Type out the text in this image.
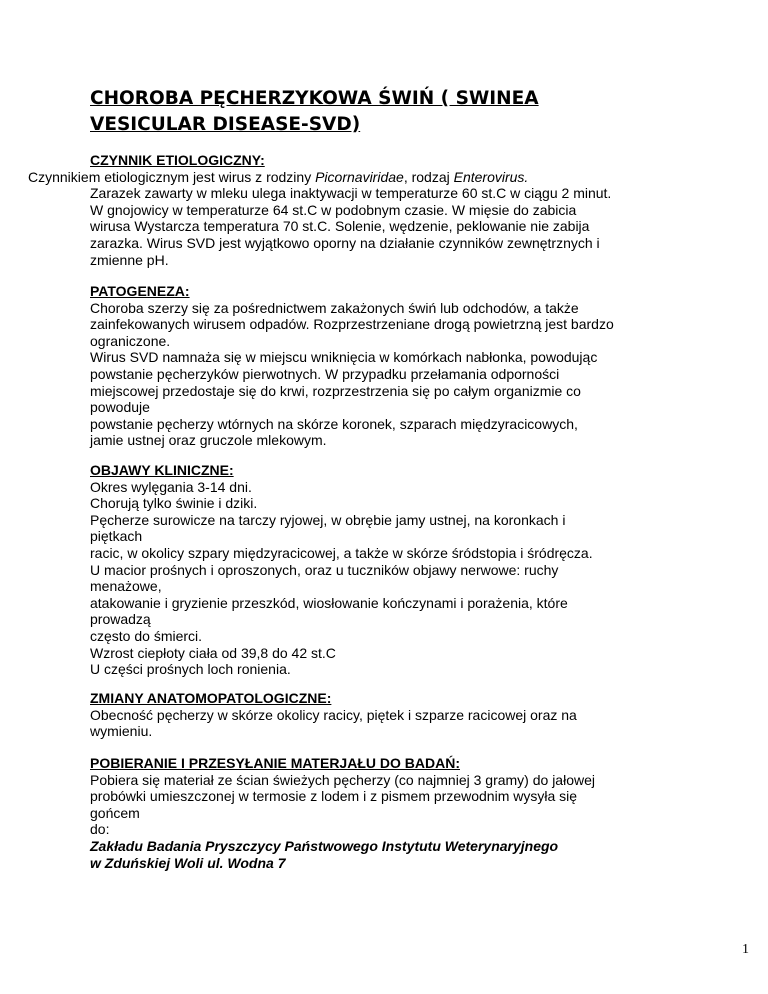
CHOROBA PĘCHERZYKOWA ŚWIŃ ( SWINEA
VESICULAR DISEASE-SVD)
CZYNNIK ETIOLOGICZNY:
Czynnikiem etiologicznym jest wirus z rodziny Picornaviridae, rodzaj Enterovirus.
Zarazek zawarty w mleku ulega inaktywacji w temperaturze 60 st.C w ciągu 2 minut.
W gnojowicy w temperaturze 64 st.C w podobnym czasie. W mięsie do zabicia
wirusa Wystarcza temperatura 70 st.C. Solenie, wędzenie, peklowanie nie zabija
zarazka. Wirus SVD jest wyjątkowo oporny na działanie czynników zewnętrznych i
zmienne pH.
PATOGENEZA:
Choroba szerzy się za pośrednictwem zakażonych świń lub odchodów, a także
zainfekowanych wirusem odpadów. Rozprzestrzeniane drogą powietrzną jest bardzo
ograniczone.
Wirus SVD namnaża się w miejscu wniknięcia w komórkach nabłonka, powodując
powstanie pęcherzyków pierwotnych. W przypadku przełamania odporności
miejscowej przedostaje się do krwi, rozprzestrzenia się po całym organizmie co
powoduje
powstanie pęcherzy wtórnych na skórze koronek, szparach międzyracicowych,
jamie ustnej oraz gruczole mlekowym.
OBJAWY KLINICZNE:
Okres wylęgania 3-14 dni.
Chorują tylko świnie i dziki.
Pęcherze surowicze na tarczy ryjowej, w obrębie jamy ustnej, na koronkach i
piętkach
racic, w okolicy szpary międzyracicowej, a także w skórze śródstopia i śródręcza.
U macior prośnych i oproszonych, oraz u tuczników objawy nerwowe: ruchy
menażowe,
atakowanie i gryzienie przeszkód, wiosłowanie kończynami i porażenia, które
prowadzą
często do śmierci.
Wzrost ciepłoty ciała od 39,8 do 42 st.C
U części prośnych loch ronienia.
ZMIANY ANATOMOPATOLOGICZNE:
Obecność pęcherzy w skórze okolicy racicy, piętek i szparze racicowej oraz na
wymieniu.
POBIERANIE I PRZESYŁANIE MATERJAŁU DO BADAŃ:
Pobiera się materiał ze ścian świeżych pęcherzy (co najmniej 3 gramy) do jałowej
probówki umieszczonej w termosie z lodem i z pismem przewodnim wysyła się
gońcem
do:
Zakładu Badania Pryszczycy Państwowego Instytutu Weterynaryjnego
w Zduńskiej Woli ul. Wodna 7
1
